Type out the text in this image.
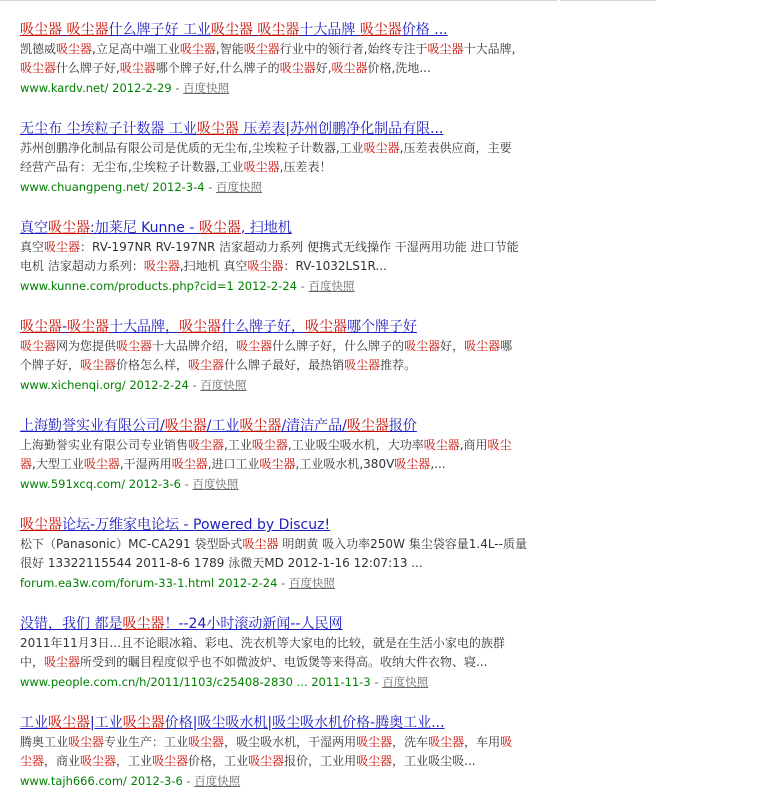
吸尘器 吸尘器什么牌子好 工业吸尘器 吸尘器十大品牌 吸尘器价格 ...
凯德威吸尘器,立足高中端工业吸尘器,智能吸尘器行业中的领行者,始终专注于吸尘器十大品牌,
吸尘器什么牌子好,吸尘器哪个牌子好,什么牌子的吸尘器好,吸尘器价格,洗地...
www.kardv.net/ 2012-2-29 - 百度快照
无尘布 尘埃粒子计数器 工业吸尘器 压差表|苏州创鹏净化制品有限...
苏州创鹏净化制品有限公司是优质的无尘布,尘埃粒子计数器,工业吸尘器,压差表供应商，主要
经营产品有：无尘布,尘埃粒子计数器,工业吸尘器,压差表！
www.chuangpeng.net/ 2012-3-4 - 百度快照
真空吸尘器:加莱尼 Kunne - 吸尘器, 扫地机
真空吸尘器：RV-197NR RV-197NR 洁家超动力系列 便携式无线操作 干湿两用功能 进口节能
电机 洁家超动力系列：吸尘器,扫地机 真空吸尘器：RV-1032LS1R...
www.kunne.com/products.php?cid=1 2012-2-24 - 百度快照
吸尘器-吸尘器十大品牌，吸尘器什么牌子好，吸尘器哪个牌子好
吸尘器网为您提供吸尘器十大品牌介绍，吸尘器什么牌子好，什么牌子的吸尘器好，吸尘器哪
个牌子好，吸尘器价格怎么样，吸尘器什么牌子最好，最热销吸尘器推荐。
www.xichenqi.org/ 2012-2-24 - 百度快照
上海勤誉实业有限公司/吸尘器/工业吸尘器/清洁产品/吸尘器报价
上海勤誉实业有限公司专业销售吸尘器,工业吸尘器,工业吸尘吸水机，大功率吸尘器,商用吸尘
器,大型工业吸尘器,干湿两用吸尘器,进口工业吸尘器,工业吸水机,380V吸尘器,...
www.591xcq.com/ 2012-3-6 - 百度快照
吸尘器论坛-万维家电论坛 - Powered by Discuz!
松下（Panasonic）MC-CA291 袋型卧式吸尘器 明朗黄 吸入功率250W 集尘袋容量1.4L--质量
很好 13322115544 2011-8-6 1789 泳微天MD 2012-1-16 12:07:13 ...
forum.ea3w.com/forum-33-1.html 2012-2-24 - 百度快照
没错，我们 都是吸尘器！--24小时滚动新闻--人民网
2011年11月3日...且不论眼冰箱、彩电、洗衣机等大家电的比较，就是在生活小家电的族群
中，吸尘器所受到的瞩目程度似乎也不如微波炉、电饭煲等来得高。收纳大件衣物、寝...
www.people.com.cn/h/2011/1103/c25408-2830 ... 2011-11-3 - 百度快照
工业吸尘器|工业吸尘器价格|吸尘吸水机|吸尘吸水机价格-腾奥工业...
腾奥工业吸尘器专业生产：工业吸尘器，吸尘吸水机，干湿两用吸尘器，洗车吸尘器，车用吸
尘器，商业吸尘器，工业吸尘器价格，工业吸尘器报价，工业用吸尘器，工业吸尘吸...
www.tajh666.com/ 2012-3-6 - 百度快照
